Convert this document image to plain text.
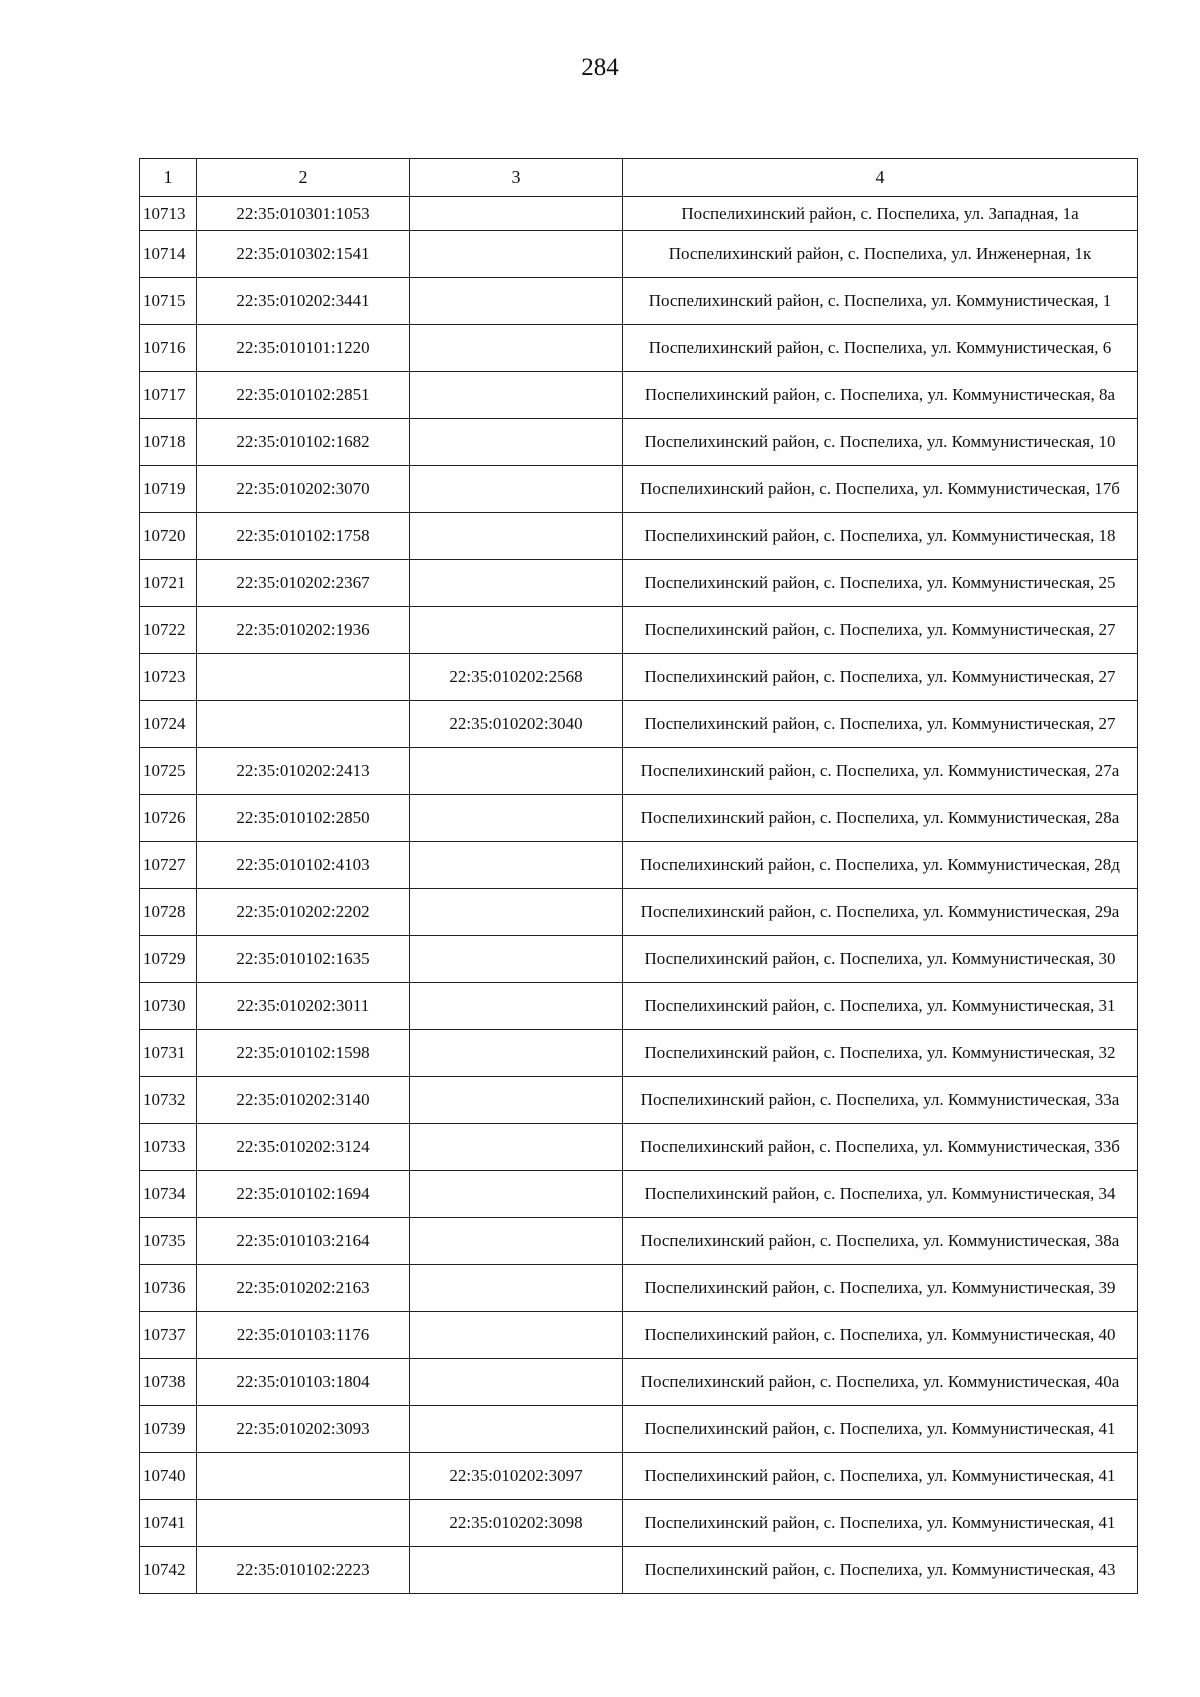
284
1	2	3	4
10713	22:35:010301:1053		Поспелихинский район, с. Поспелиха, ул. Западная, 1а
10714	22:35:010302:1541		Поспелихинский район, с. Поспелиха, ул. Инженерная, 1к
10715	22:35:010202:3441		Поспелихинский район, с. Поспелиха, ул. Коммунистическая, 1
10716	22:35:010101:1220		Поспелихинский район, с. Поспелиха, ул. Коммунистическая, 6
10717	22:35:010102:2851		Поспелихинский район, с. Поспелиха, ул. Коммунистическая, 8а
10718	22:35:010102:1682		Поспелихинский район, с. Поспелиха, ул. Коммунистическая, 10
10719	22:35:010202:3070		Поспелихинский район, с. Поспелиха, ул. Коммунистическая, 17б
10720	22:35:010102:1758		Поспелихинский район, с. Поспелиха, ул. Коммунистическая, 18
10721	22:35:010202:2367		Поспелихинский район, с. Поспелиха, ул. Коммунистическая, 25
10722	22:35:010202:1936		Поспелихинский район, с. Поспелиха, ул. Коммунистическая, 27
10723		22:35:010202:2568	Поспелихинский район, с. Поспелиха, ул. Коммунистическая, 27
10724		22:35:010202:3040	Поспелихинский район, с. Поспелиха, ул. Коммунистическая, 27
10725	22:35:010202:2413		Поспелихинский район, с. Поспелиха, ул. Коммунистическая, 27а
10726	22:35:010102:2850		Поспелихинский район, с. Поспелиха, ул. Коммунистическая, 28а
10727	22:35:010102:4103		Поспелихинский район, с. Поспелиха, ул. Коммунистическая, 28д
10728	22:35:010202:2202		Поспелихинский район, с. Поспелиха, ул. Коммунистическая, 29а
10729	22:35:010102:1635		Поспелихинский район, с. Поспелиха, ул. Коммунистическая, 30
10730	22:35:010202:3011		Поспелихинский район, с. Поспелиха, ул. Коммунистическая, 31
10731	22:35:010102:1598		Поспелихинский район, с. Поспелиха, ул. Коммунистическая, 32
10732	22:35:010202:3140		Поспелихинский район, с. Поспелиха, ул. Коммунистическая, 33а
10733	22:35:010202:3124		Поспелихинский район, с. Поспелиха, ул. Коммунистическая, 33б
10734	22:35:010102:1694		Поспелихинский район, с. Поспелиха, ул. Коммунистическая, 34
10735	22:35:010103:2164		Поспелихинский район, с. Поспелиха, ул. Коммунистическая, 38а
10736	22:35:010202:2163		Поспелихинский район, с. Поспелиха, ул. Коммунистическая, 39
10737	22:35:010103:1176		Поспелихинский район, с. Поспелиха, ул. Коммунистическая, 40
10738	22:35:010103:1804		Поспелихинский район, с. Поспелиха, ул. Коммунистическая, 40а
10739	22:35:010202:3093		Поспелихинский район, с. Поспелиха, ул. Коммунистическая, 41
10740		22:35:010202:3097	Поспелихинский район, с. Поспелиха, ул. Коммунистическая, 41
10741		22:35:010202:3098	Поспелихинский район, с. Поспелиха, ул. Коммунистическая, 41
10742	22:35:010102:2223		Поспелихинский район, с. Поспелиха, ул. Коммунистическая, 43
